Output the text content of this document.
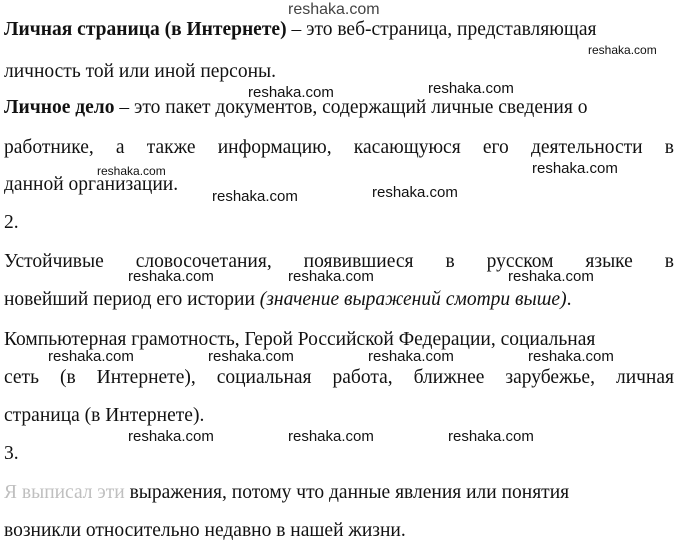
Личная страница (в Интернете) – это веб-страница, представляющая
личность той или иной персоны.
Личное дело – это пакет документов, содержащий личные сведения о
работнике, а также информацию, касающуюся его деятельности в
данной организации.
2.
Устойчивые словосочетания, появившиеся в русском языке в
новейший период его истории (значение выражений смотри выше).
Компьютерная грамотность, Герой Российской Федерации, социальная
сеть (в Интернете), социальная работа, ближнее зарубежье, личная
страница (в Интернете).
3.
Я выписал эти выражения, потому что данные явления или понятия
возникли относительно недавно в нашей жизни.
reshaka.com
reshaka.com
reshaka.com	reshaka.com
reshaka.com	reshaka.com
reshaka.com	reshaka.com
reshaka.com	reshaka.com	reshaka.com
reshaka.com	reshaka.com	reshaka.com	reshaka.com
reshaka.com	reshaka.com	reshaka.com
